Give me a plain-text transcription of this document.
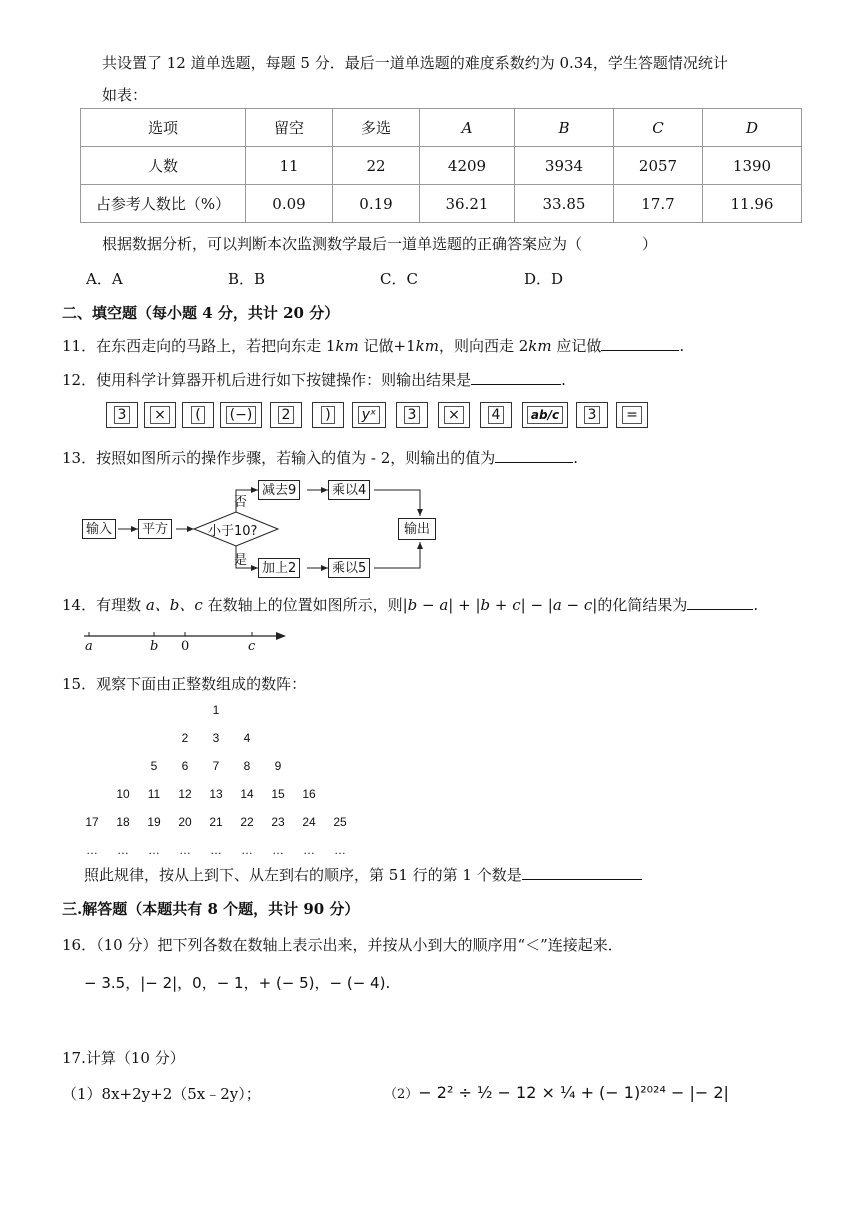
共设置了 12 道单选题，每题 5 分．最后一道单选题的难度系数约为 0.34，学生答题情况统计
如表：
选项	留空	多选	A	B	C	D
人数	11	22	4209	3934	2057	1390
占参考人数比（%）	0.09	0.19	36.21	33.85	17.7	11.96
根据数据分析，可以判断本次监测数学最后一道单选题的正确答案应为（　　　　）
A．A	B．B	C．C	D．D
二、填空题（每小题 4 分，共计 20 分）
11．在东西走向的马路上，若把向东走 1km 记做+1km，则向西走 2km 应记做	.
12．使用科学计算器开机后进行如下按键操作：则输出结果是	.
3 × ( (−) 2 ) yˣ 3 × 4	ab/c 3 =
13．按照如图所示的操作步骤，若输入的值为 - 2，则输出的值为	.
输入	平方	小于10?
否
是
减去9	乘以4
加上2	乘以5
输出
14．有理数 a、b、c 在数轴上的位置如图所示，则|b − a| + |b + c| − |a − c|的化简结果为	.
a	b 0	c
15．观察下面由正整数组成的数阵：
1
2	3	4
5	6	7	8	9
10	11	12	13	14	15	16
17	18	19	20	21	22	23	24	25
…	…	…	…	…	…	…	…	…
照此规律，按从上到下、从左到右的顺序，第 51 行的第 1 个数是
三.解答题（本题共有 8 个题，共计 90 分）
16．（10 分）把下列各数在数轴上表示出来，并按从小到大的顺序用“＜”连接起来．
− 3.5，|− 2|，0，− 1，+ (− 5)，− (− 4).
17.计算（10 分）
（1）8x+2y+2（5x﹣2y）；	（2）− 2² ÷ ½ − 12 × ¼ + (− 1)²⁰²⁴ − |− 2|
